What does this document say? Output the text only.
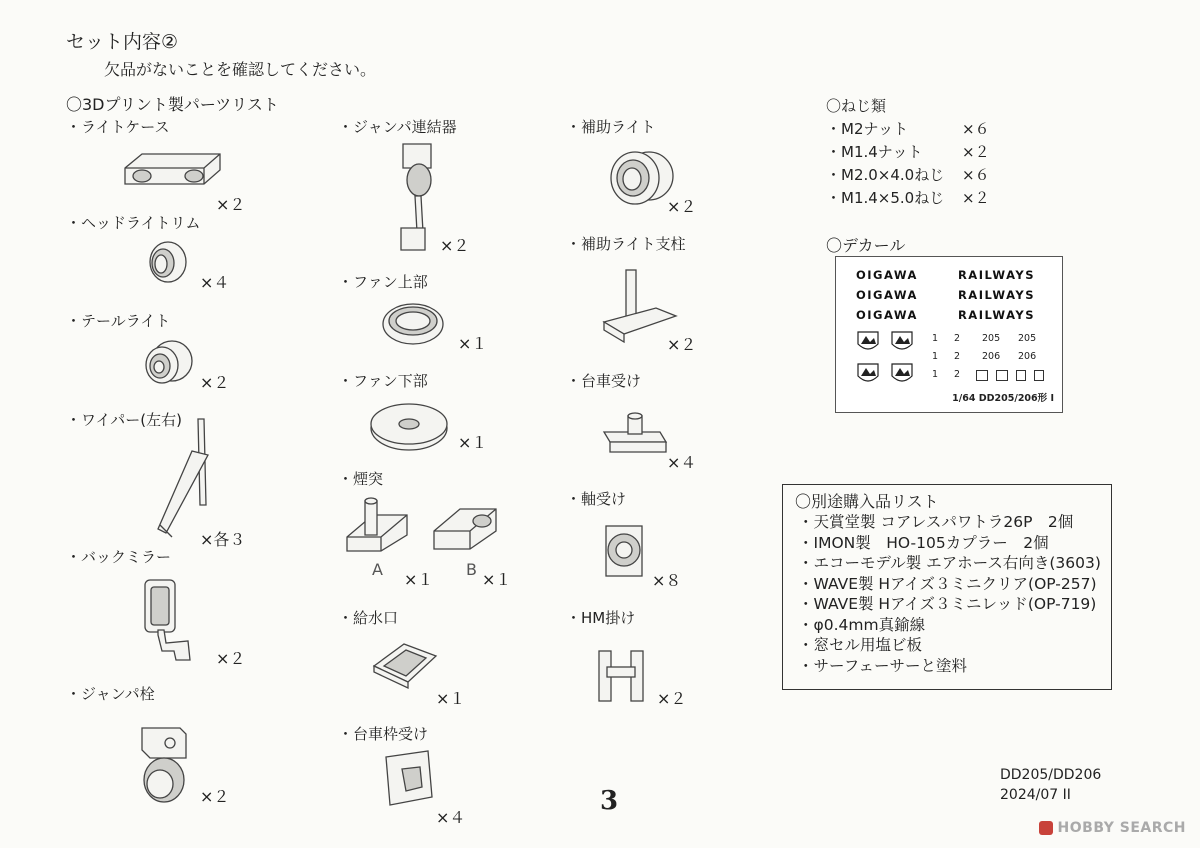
セット内容②
欠品がないことを確認してください。
〇3Dプリント製パーツリスト
・ライトケース
×２
・ヘッドライトリム
×４
・テールライト
×２
・ワイパー(左右)
×各３
・バックミラー
×２
・ジャンパ栓
×２
・ジャンパ連結器
×２
・ファン上部
×１
・ファン下部
×１
・煙突
A
×１
B
×１
・給水口
×１
・台車枠受け
×４
・補助ライト
×２
・補助ライト支柱
×２
・台車受け
×４
・軸受け
×８
・HM掛け
×２
〇ねじ類
・M2ナット	×６
・M1.4ナット	×２
・M2.0×4.0ねじ	×６
・M1.4×5.0ねじ	×２
〇デカール
OIGAWA	RAILWAYS
OIGAWA	RAILWAYS
OIGAWA	RAILWAYS
1 2 205 205
1 2 206 206
1 2
1/64 DD205/206形 I
〇別途購入品リスト
・天賞堂製 コアレスパワトラ26P　2個
・IMON製　HO-105カプラー　2個
・エコーモデル製 エアホース右向き(3603)
・WAVE製 Hアイズ３ミニクリア(OP-257)
・WAVE製 Hアイズ３ミニレッド(OP-719)
・φ0.4mm真鍮線
・窓セル用塩ビ板
・サーフェーサーと塗料
3
DD205/DD206
2024/07 II
HOBBY SEARCH
